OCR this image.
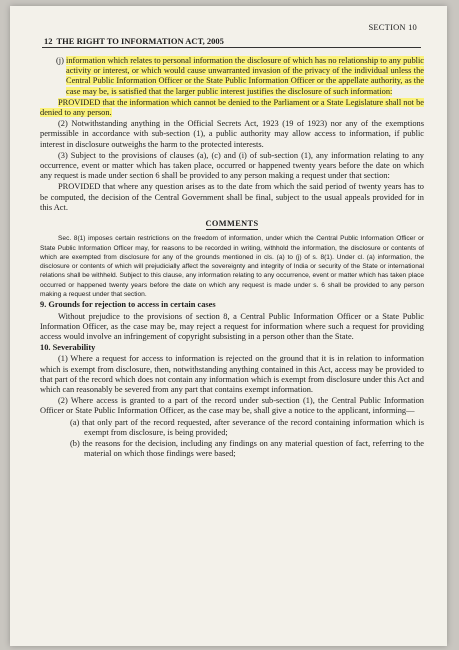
SECTION 10
12 THE RIGHT TO INFORMATION ACT, 2005

(j) information which relates to personal information the disclosure of which has no relationship to any public activity or interest, or which would cause unwarranted invasion of the privacy of the individual unless the Central Public Information Officer or the State Public Information Officer or the appellate authority, as the case may be, is satisfied that the larger public interest justifies the disclosure of such information:

PROVIDED that the information which cannot be denied to the Parliament or a State Legislature shall not be denied to any person.

(2) Notwithstanding anything in the Official Secrets Act, 1923 (19 of 1923) nor any of the exemptions permissible in accordance with sub-section (1), a public authority may allow access to information, if public interest in disclosure outweighs the harm to the protected interests.

(3) Subject to the provisions of clauses (a), (c) and (i) of sub-section (1), any information relating to any occurrence, event or matter which has taken place, occurred or happened twenty years before the date on which any request is made under section 6 shall be provided to any person making a request under that section:

PROVIDED that where any question arises as to the date from which the said period of twenty years has to be computed, the decision of the Central Government shall be final, subject to the usual appeals provided for in this Act.

COMMENTS

Sec. 8(1) imposes certain restrictions on the freedom of information, under which the Central Public Information Officer or State Public Information Officer may, for reasons to be recorded in writing, withhold the information, the disclosure or contents of which are exempted from disclosure for any of the grounds mentioned in cls. (a) to (j) of s. 8(1). Under cl. (a) information, the disclosure or contents of which will prejudicially affect the sovereignty and integrity of India or security of the State or international relations shall be withheld. Subject to this clause, any information relating to any occurrence, event or matter which has taken place occurred or happened twenty years before the date on which any request is made under s. 6 shall be provided to any person making a request under that section.

9. Grounds for rejection to access in certain cases

Without prejudice to the provisions of section 8, a Central Public Information Officer or a State Public Information Officer, as the case may be, may reject a request for information where such a request for providing access would involve an infringement of copyright subsisting in a person other than the State.

10. Severability

(1) Where a request for access to information is rejected on the ground that it is in relation to information which is exempt from disclosure, then, notwithstanding anything contained in this Act, access may be provided to that part of the record which does not contain any information which is exempt from disclosure under this Act and which can reasonably be severed from any part that contains exempt information.

(2) Where access is granted to a part of the record under sub-section (1), the Central Public Information Officer or State Public Information Officer, as the case may be, shall give a notice to the applicant, informing—

(a) that only part of the record requested, after severance of the record containing information which is exempt from disclosure, is being provided;

(b) the reasons for the decision, including any findings on any material question of fact, referring to the material on which those findings were based;
